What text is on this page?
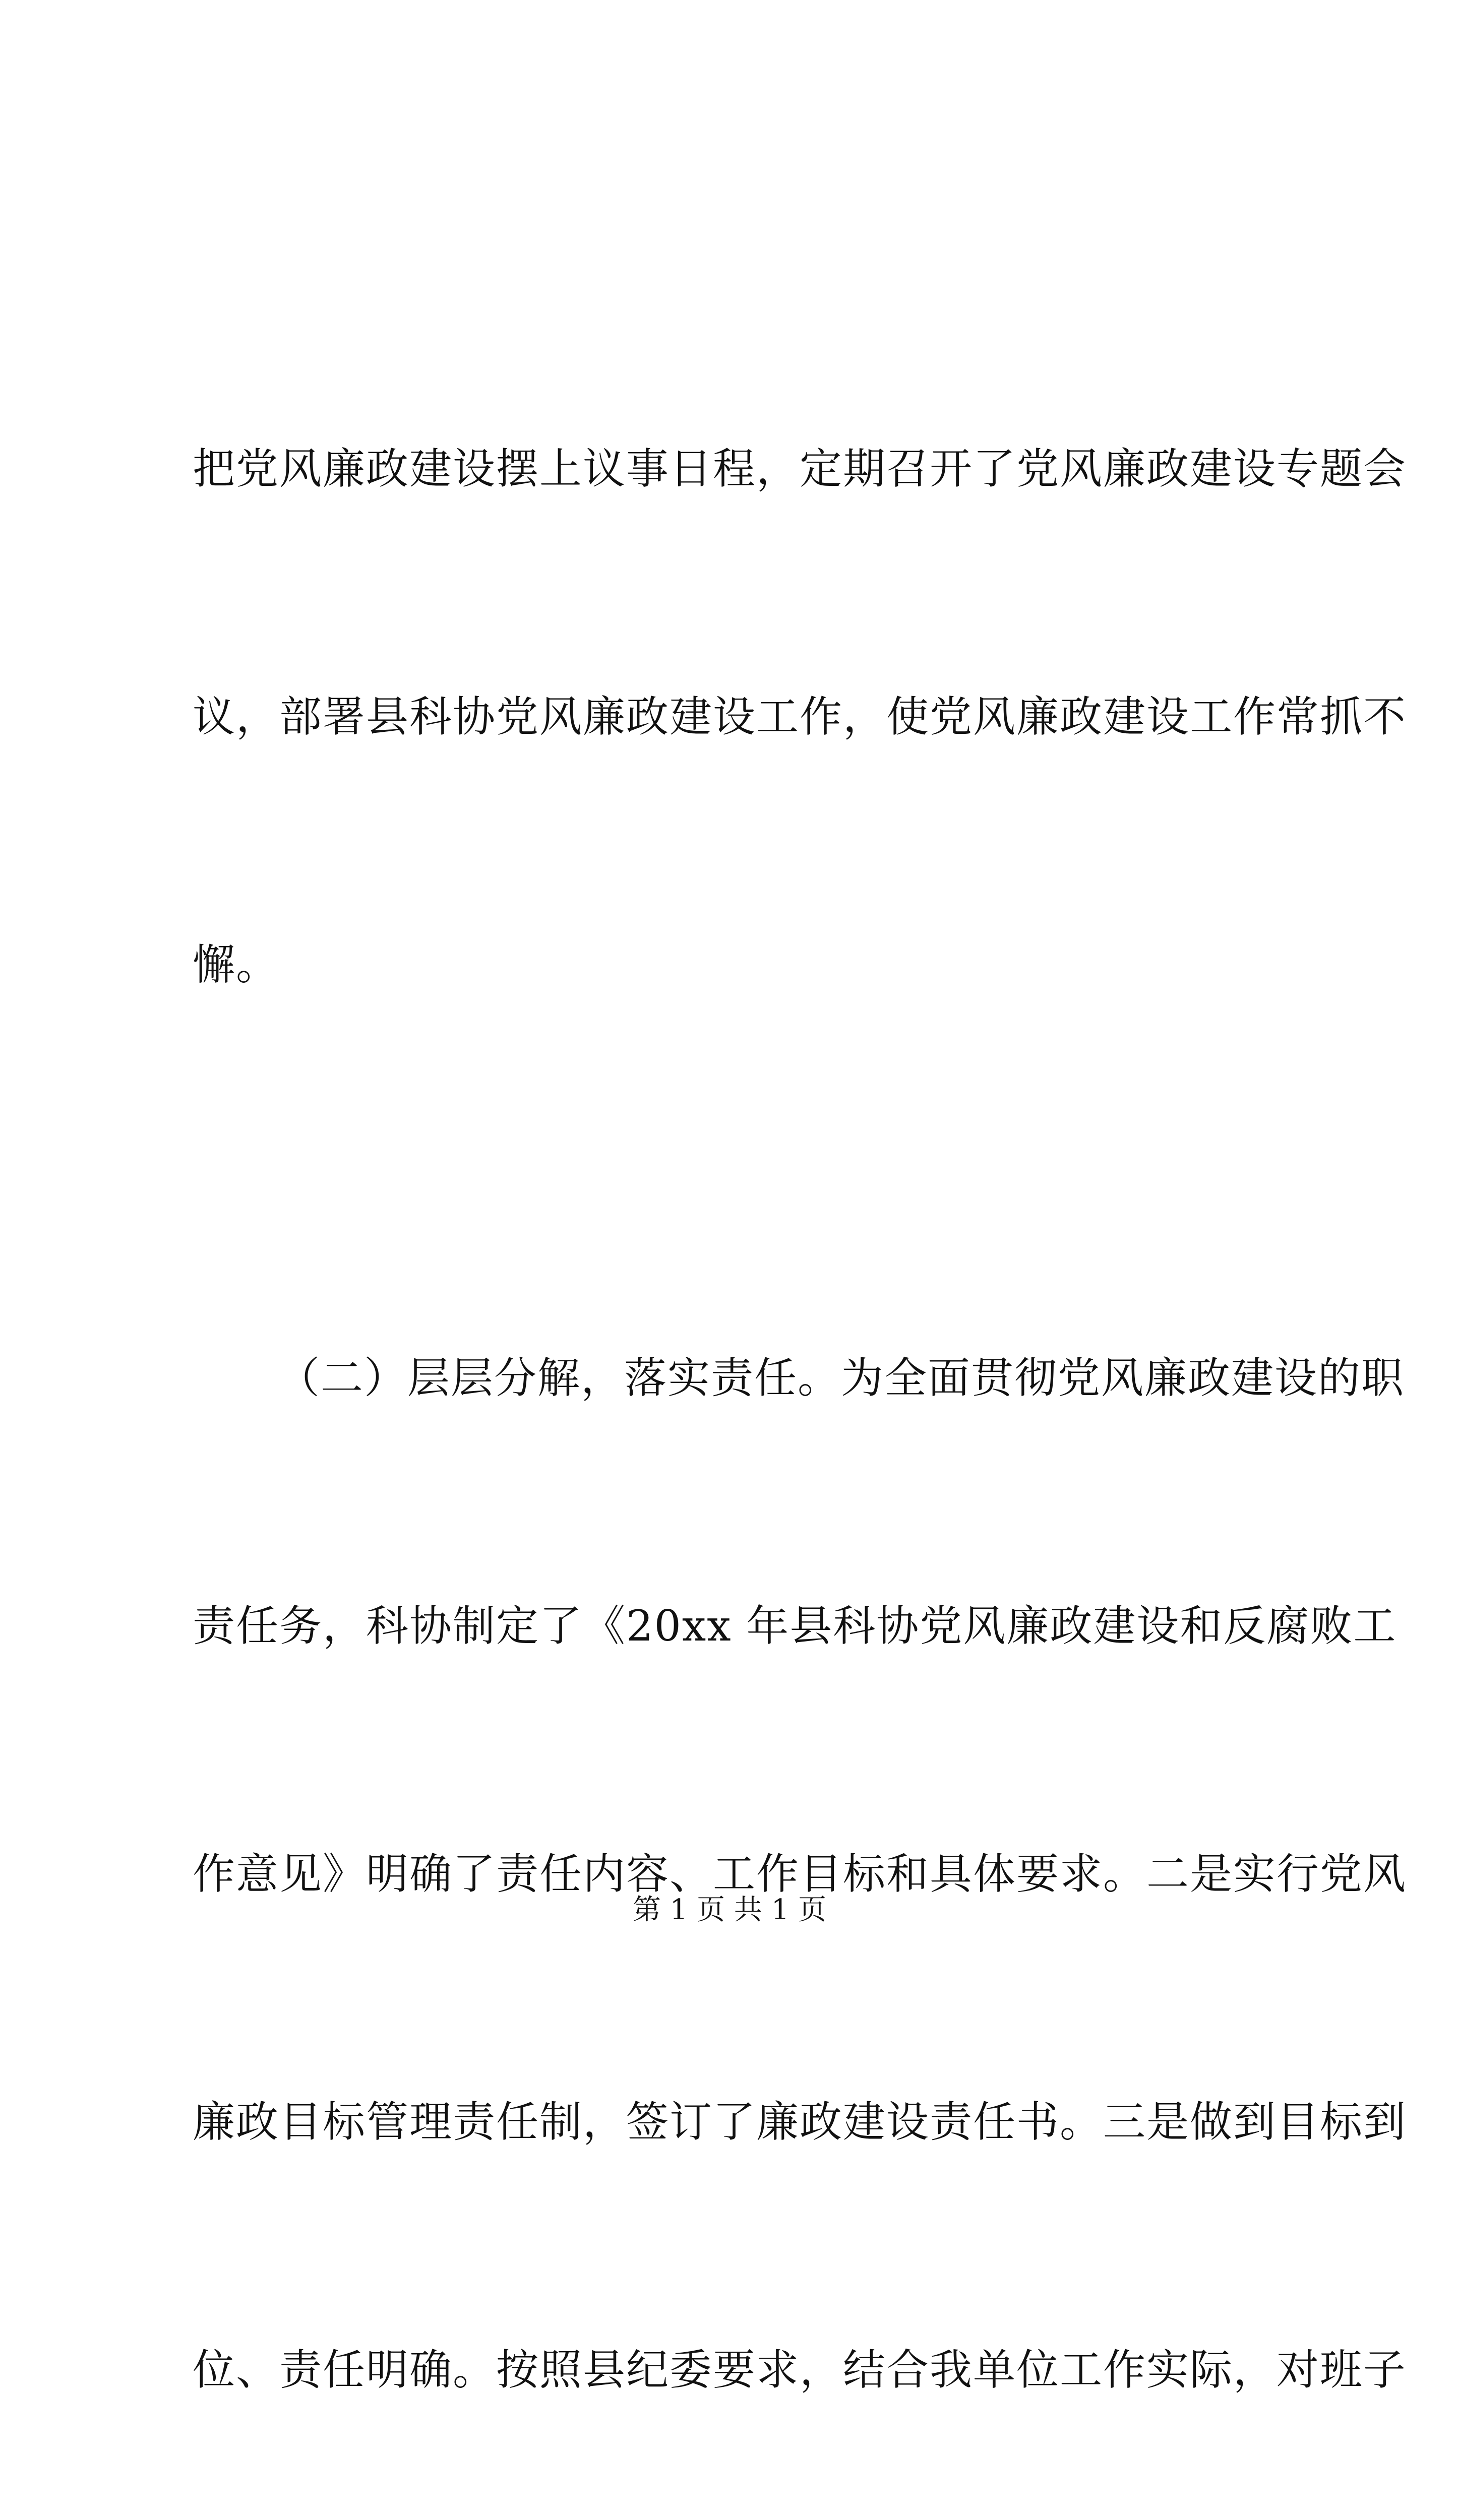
把党风廉政建设摆上议事日程，定期召开了党风廉政建设专题会

议，部署县科协党风廉政建设工作，使党风廉政建设工作常抓不

懈。

（二）层层分解，落实责任。为全面贯彻党风廉政建设的职

责任务，科协制定了《20xx 年县科协党风廉政建设和反腐败工

作意见》明确了责任内容、工作目标和具体要求。二是实行党风

廉政目标管理责任制，签订了廉政建设责任书。三是做到目标到

位、责任明确。按照县纪委要求，结合我单位工作实际，对班子

第 1 页 共 1 页
